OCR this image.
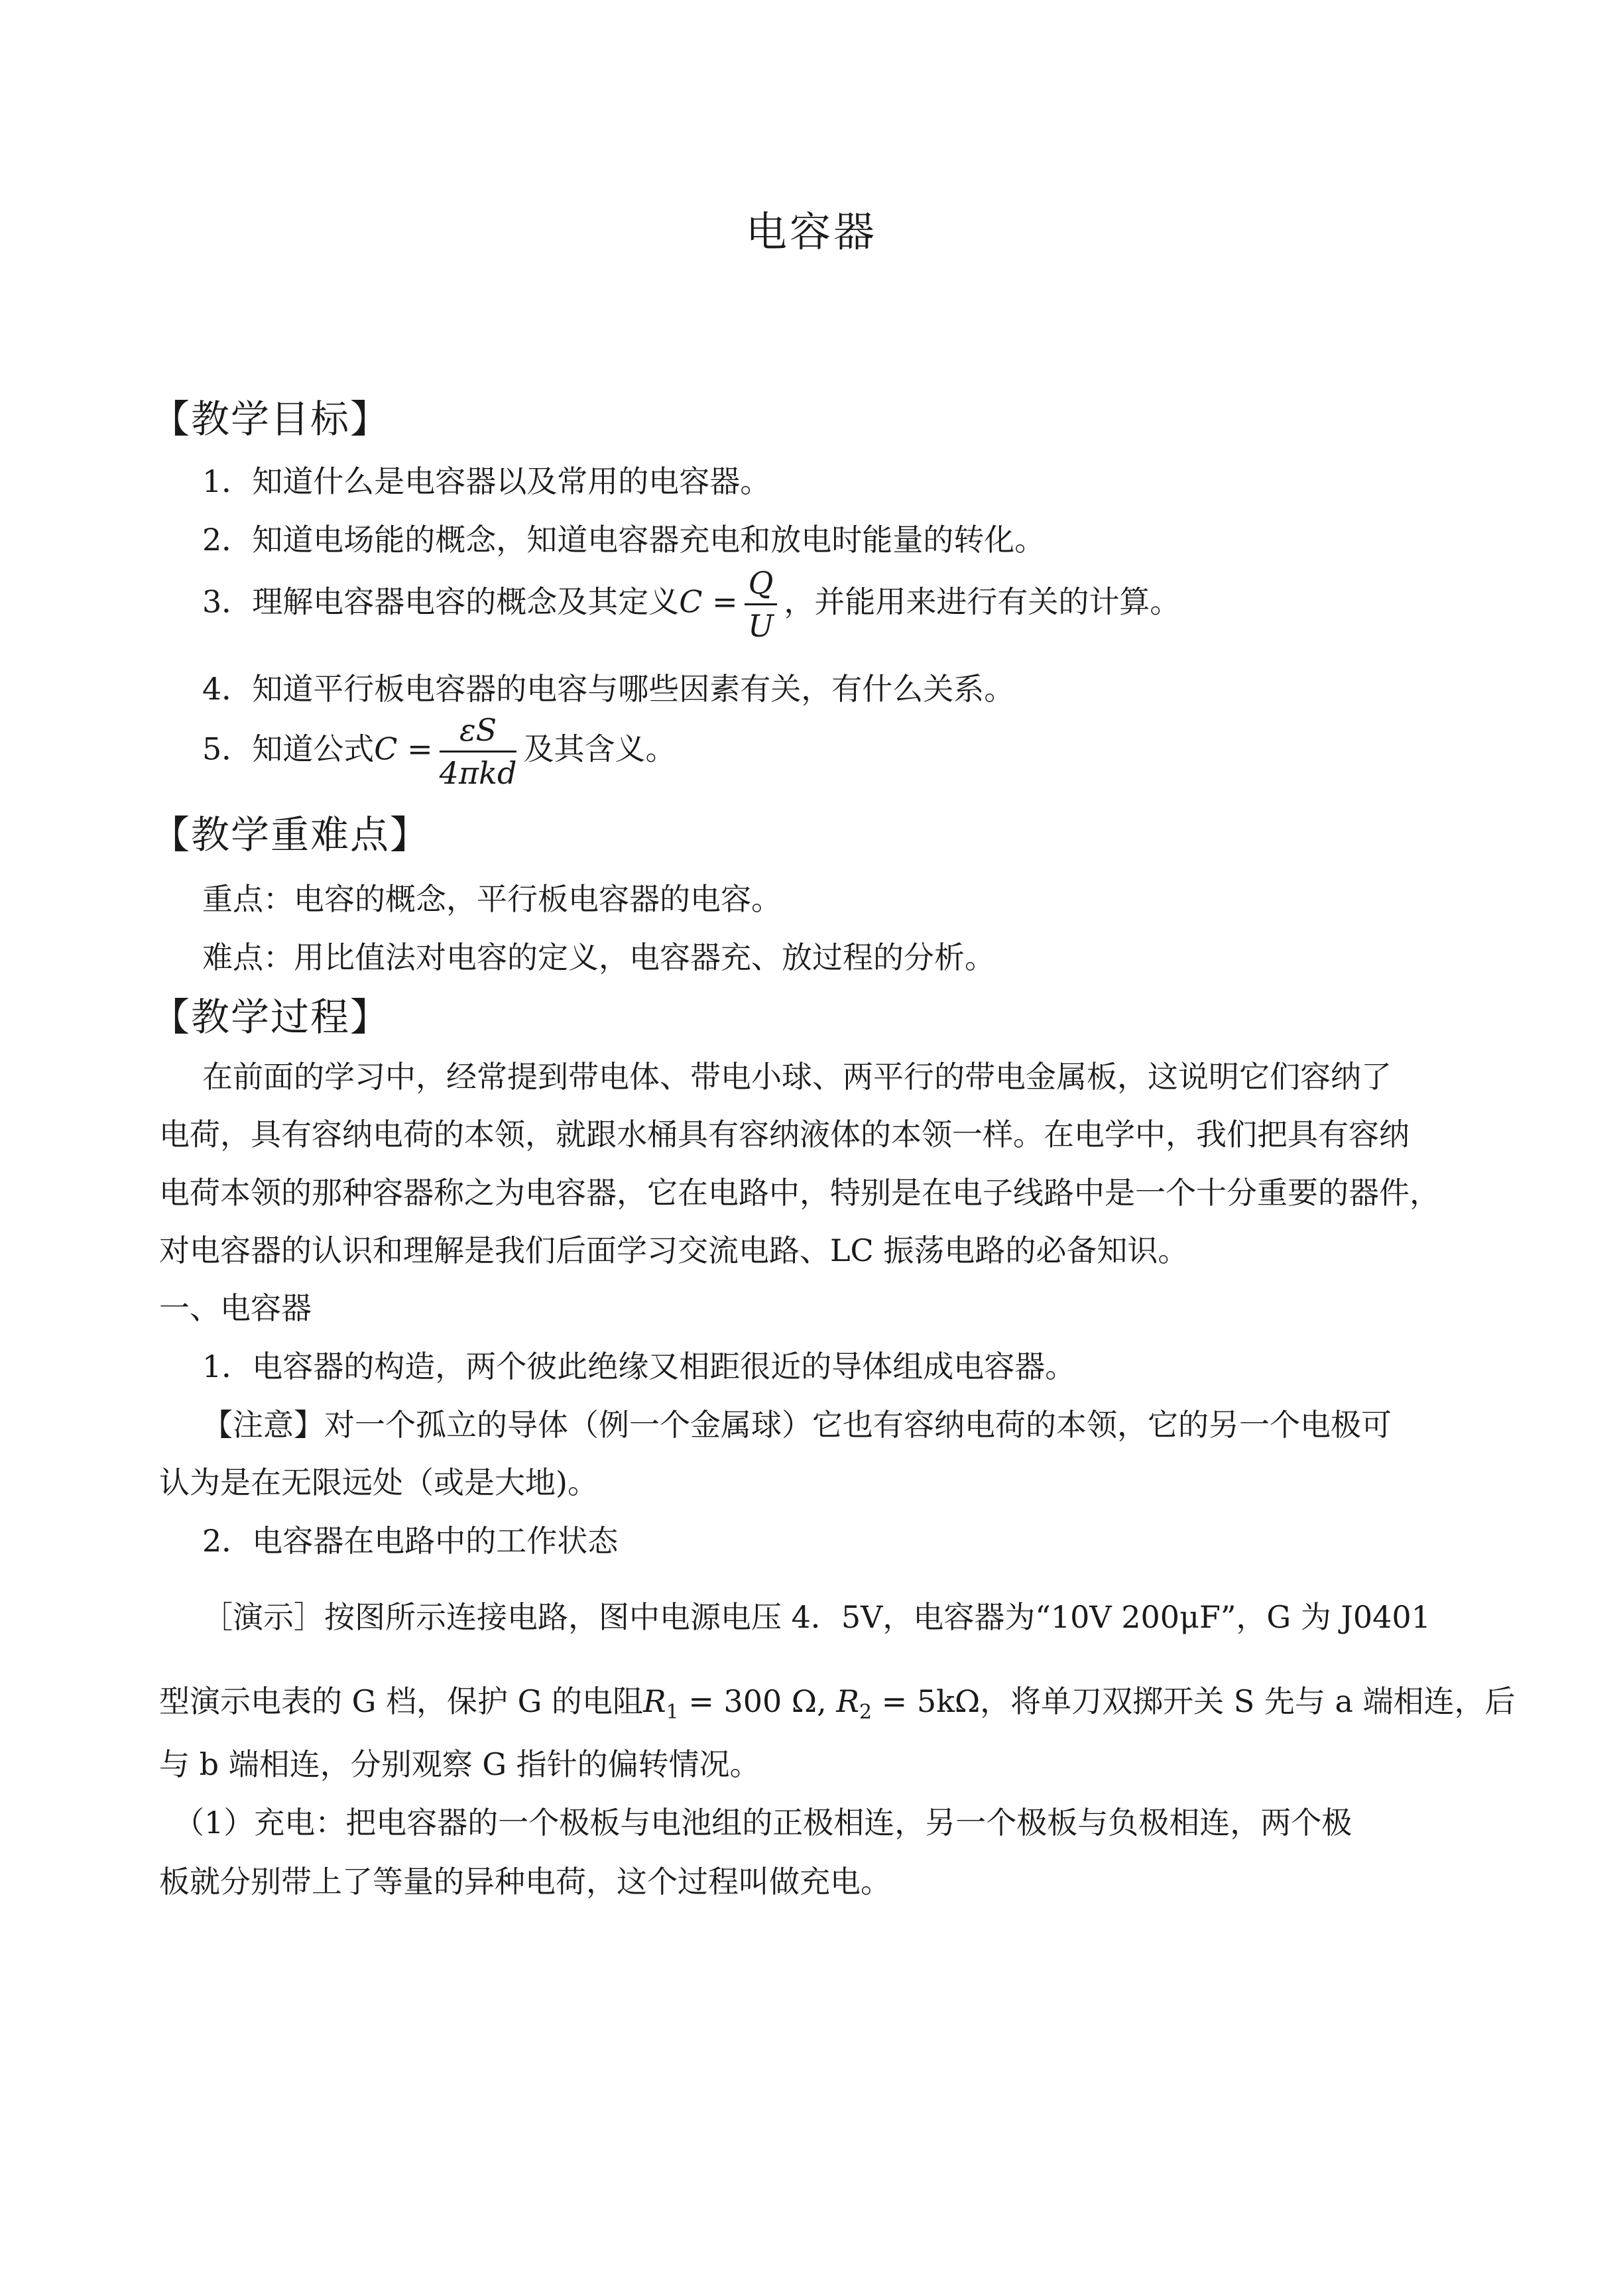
电容器
【教学目标】
1．知道什么是电容器以及常用的电容器。
2．知道电场能的概念，知道电容器充电和放电时能量的转化。
3．理解电容器电容的概念及其定义$C = \frac{Q}{U}$ ，并能用来进行有关的计算。
4．知道平行板电容器的电容与哪些因素有关，有什么关系。
5．知道公式C =
εS
4πkd
及其含义。
【教学重难点】
重点：电容的概念，平行板电容器的电容。
难点：用比值法对电容的定义，电容器充、放过程的分析。
【教学过程】
在前面的学习中，经常提到带电体、带电小球、两平行的带电金属板，这说明它们容纳了
电荷，具有容纳电荷的本领，就跟水桶具有容纳液体的本领一样。在电学中，我们把具有容纳
电荷本领的那种容器称之为电容器，它在电路中，特别是在电子线路中是一个十分重要的器件，
对电容器的认识和理解是我们后面学习交流电路、LC 振荡电路的必备知识。
一、电容器
1．电容器的构造，两个彼此绝缘又相距很近的导体组成电容器。
【注意】对一个孤立的导体（例一个金属球）它也有容纳电荷的本领，它的另一个电极可
认为是在无限远处（或是大地)。
2．电容器在电路中的工作状态
［演示］按图所示连接电路，图中电源电压 4．5V，电容器为“10V 200μF”，G 为 J0401
型演示电表的 G 档，保护 G 的电阻$R_1 = 300$ Ω, $R_2 = 5k\Omega$，将单刀双掷开关 S 先与 a 端相连，后
与 b 端相连，分别观察 G 指针的偏转情况。
（1）充电：把电容器的一个极板与电池组的正极相连，另一个极板与负极相连，两个极
板就分别带上了等量的异种电荷，这个过程叫做充电。
